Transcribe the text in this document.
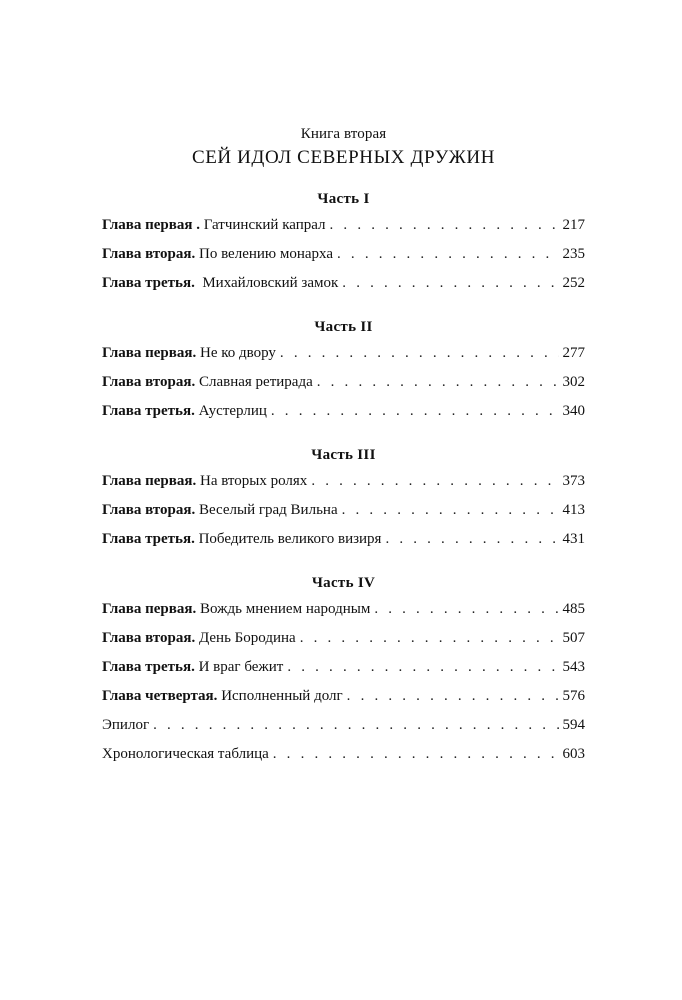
Книга вторая
СЕЙ ИДОЛ СЕВЕРНЫХ ДРУЖИН
Часть I
Глава первая . Гатчинский капрал . . .	217
Глава вторая. По велению монарха . . .	235
Глава третья. Михайловский замок . . .	252
Часть II
Глава первая. Не ко двору . . .	277
Глава вторая. Славная ретирада . . .	302
Глава третья. Аустерлиц . . .	340
Часть III
Глава первая. На вторых ролях . . .	373
Глава вторая. Веселый град Вильна . . .	413
Глава третья. Победитель великого визиря . . .	431
Часть IV
Глава первая. Вождь мнением народным . . .	485
Глава вторая. День Бородина . . .	507
Глава третья. И враг бежит . . .	543
Глава четвертая. Исполненный долг . . .	576
Эпилог . . .	594
Хронологическая таблица . . .	603
